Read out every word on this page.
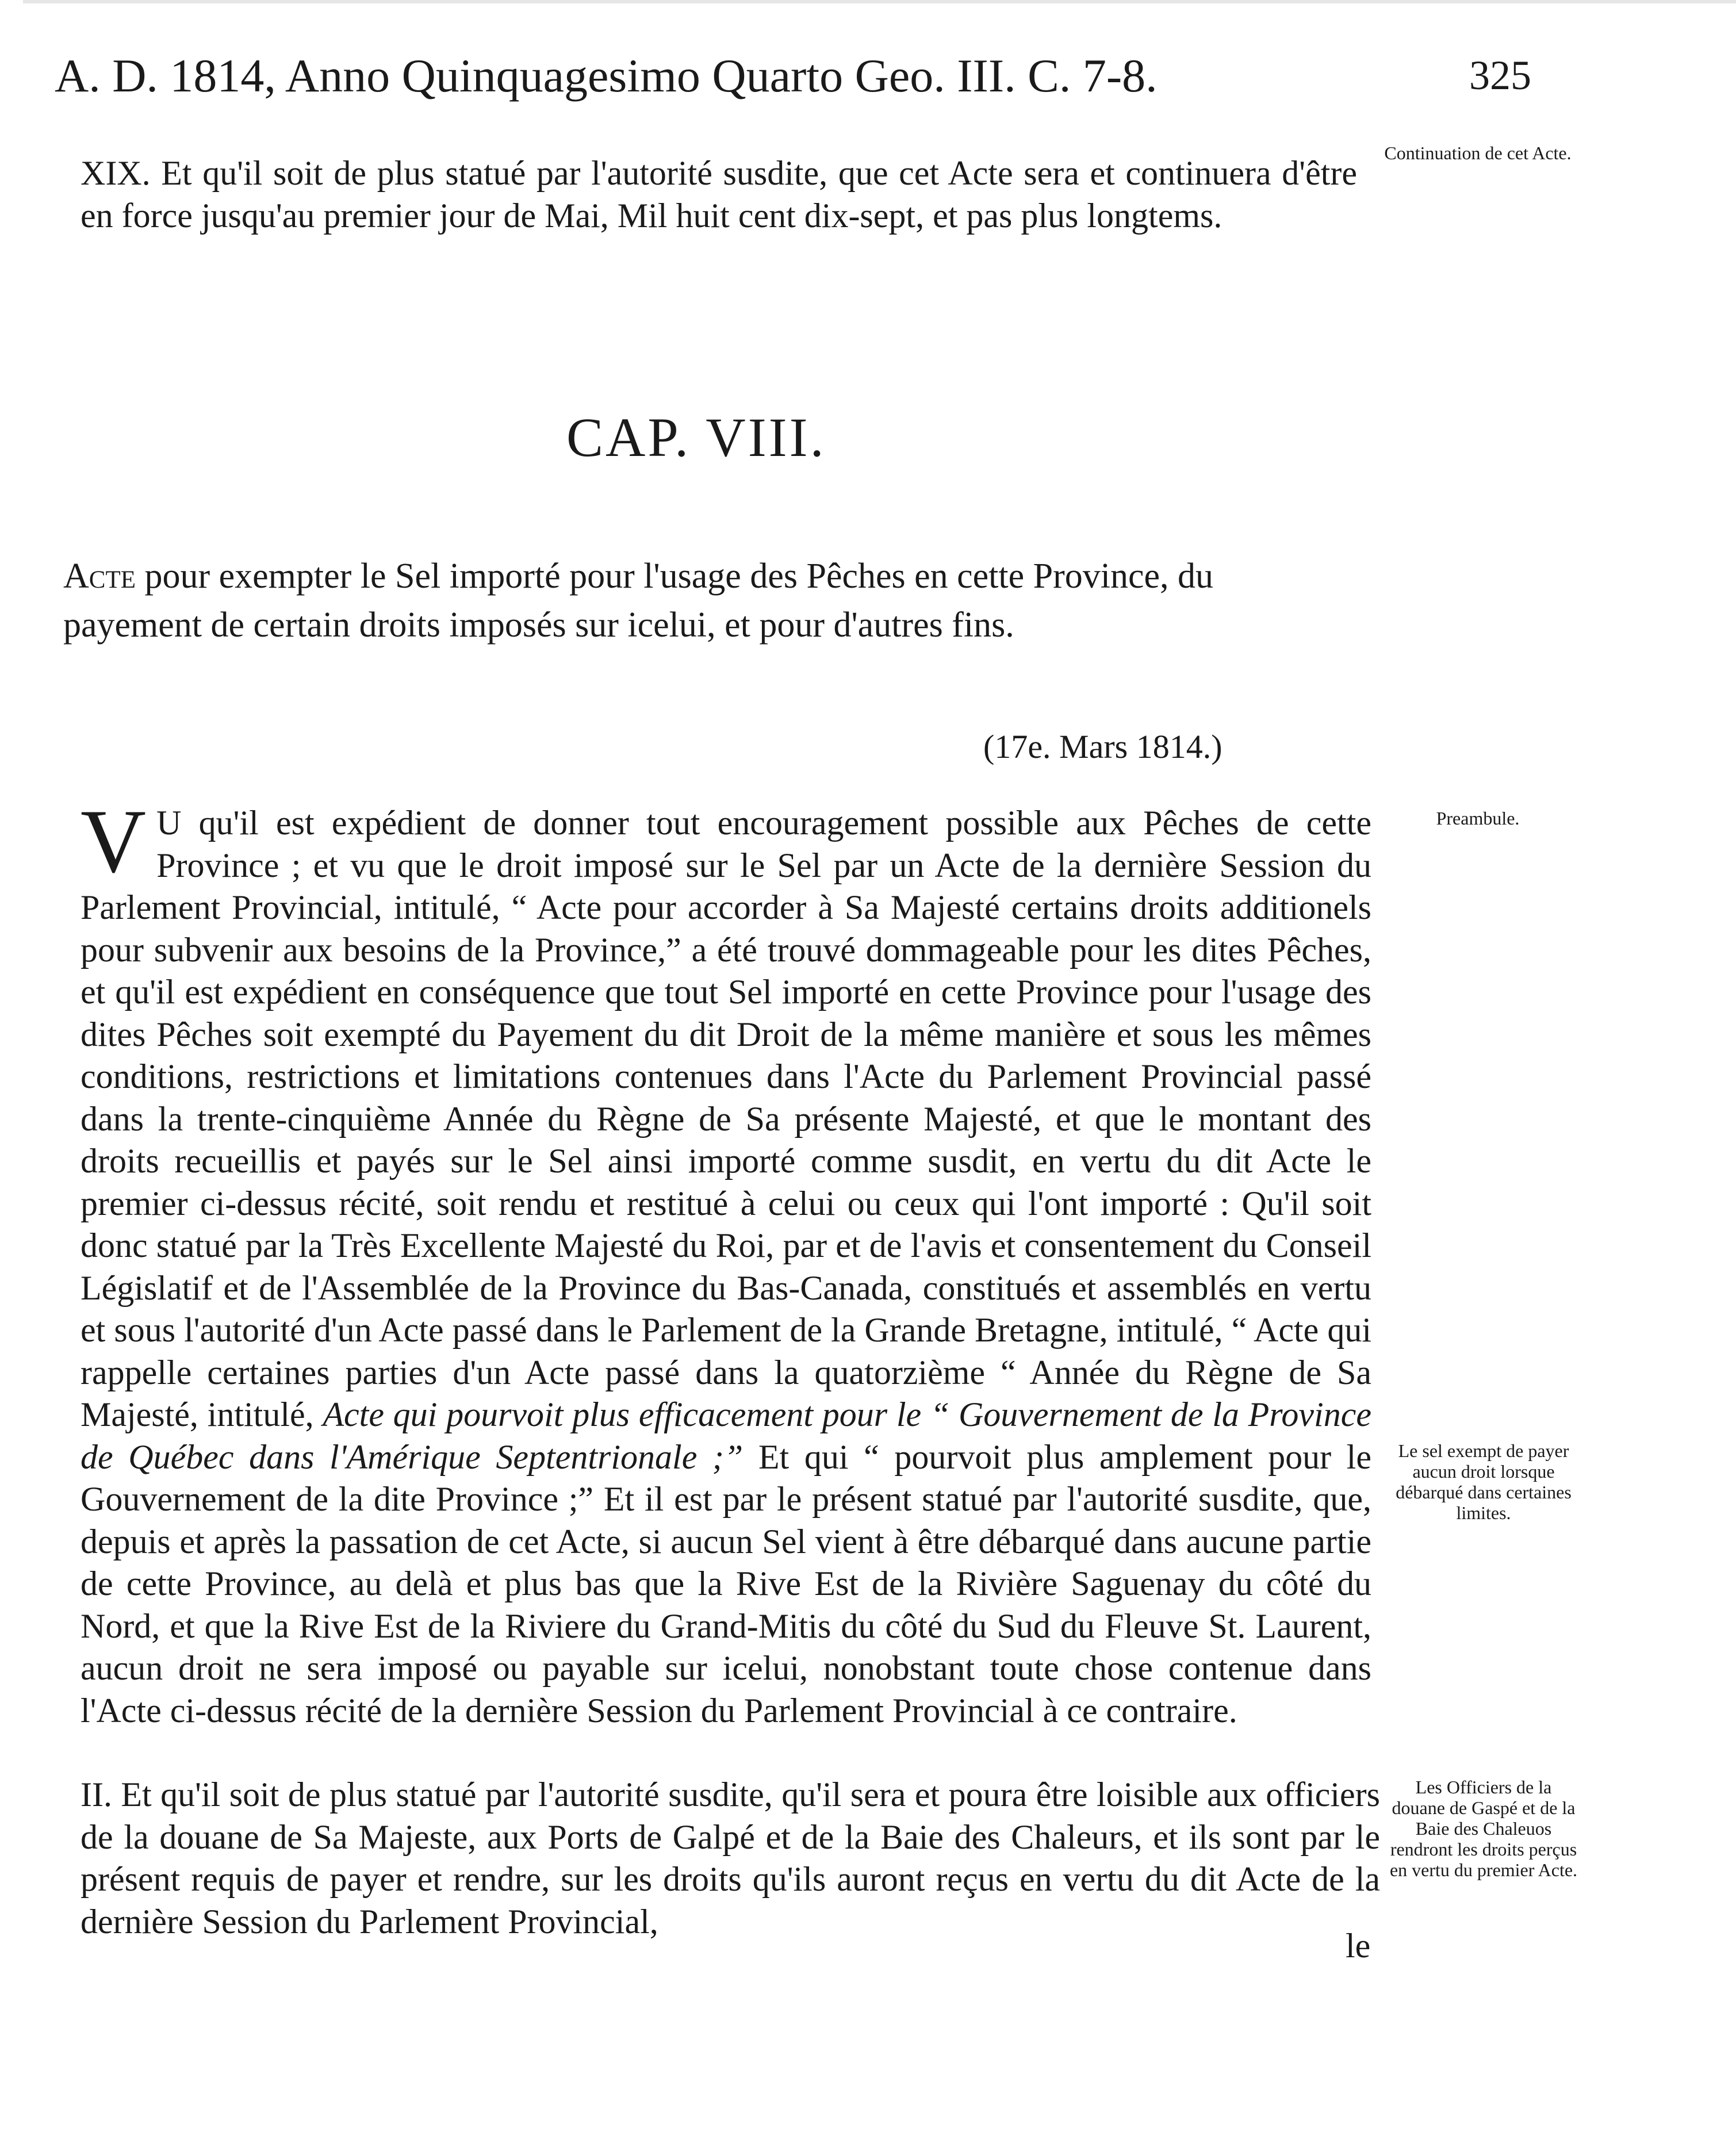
A. D. 1814, Anno Quinquagesimo Quarto Geo. III. C. 7-8.	325
XIX. Et qu'il soit de plus statué par l'autorité susdite, que cet Acte sera et continuera d'être en force jusqu'au premier jour de Mai, Mil huit cent dix-sept, et pas plus longtems.
Continuation de cet Acte.
CAP. VIII.
Acte pour exempter le Sel importé pour l'usage des Pêches en cette Province, du payement de certain droits imposés sur icelui, et pour d'autres fins.
(17e. Mars 1814.)
Preambule.
V U qu'il est expédient de donner tout encouragement possible aux Pêches de cette Province ; et vu que le droit imposé sur le Sel par un Acte de la dernière Session du Parlement Provincial, intitulé, “ Acte pour accorder à Sa Majesté certains droits additionels pour subvenir aux besoins de la Province,” a été trouvé dommageable pour les dites Pêches, et qu'il est expédient en conséquence que tout Sel importé en cette Province pour l'usage des dites Pêches soit exempté du Payement du dit Droit de la même manière et sous les mêmes conditions, restrictions et limitations contenues dans l'Acte du Parlement Provincial passé dans la trente-cinquième Année du Règne de Sa présente Majesté, et que le montant des droits recueillis et payés sur le Sel ainsi importé comme susdit, en vertu du dit Acte le premier ci-dessus récité, soit rendu et restitué à celui ou ceux qui l'ont importé : Qu'il soit donc statué par la Très Excellente Majesté du Roi, par et de l'avis et consentement du Conseil Législatif et de l'Assemblée de la Province du Bas-Canada, constitués et assemblés en vertu et sous l'autorité d'un Acte passé dans le Parlement de la Grande Bretagne, intitulé, “ Acte qui rappelle certaines parties d'un Acte passé dans la quatorzième “ Année du Règne de Sa Majesté, intitulé, Acte qui pourvoit plus efficacement pour le “ Gouvernement de la Province de Québec dans l'Amérique Septentrionale ;” Et qui “ pourvoit plus amplement pour le Gouvernement de la dite Province ;” Et il est par le présent statué par l'autorité susdite, que, depuis et après la passation de cet Acte, si aucun Sel vient à être débarqué dans aucune partie de cette Province, au delà et plus bas que la Rive Est de la Rivière Saguenay du côté du Nord, et que la Rive Est de la Riviere du Grand-Mitis du côté du Sud du Fleuve St. Laurent, aucun droit ne sera imposé ou payable sur icelui, nonobstant toute chose contenue dans l'Acte ci-dessus récité de la dernière Session du Parlement Provincial à ce contraire.
Le sel exempt de payer aucun droit lorsque débarqué dans certaines limites.
II. Et qu'il soit de plus statué par l'autorité susdite, qu'il sera et poura être loisible aux officiers de la douane de Sa Majeste, aux Ports de Galpé et de la Baie des Chaleurs, et ils sont par le présent requis de payer et rendre, sur les droits qu'ils auront reçus en vertu du dit Acte de la dernière Session du Parlement Provincial,
le
Les Officiers de la douane de Gaspé et de la Baie des Chaleuos rendront les droits perçus en vertu du premier Acte.
